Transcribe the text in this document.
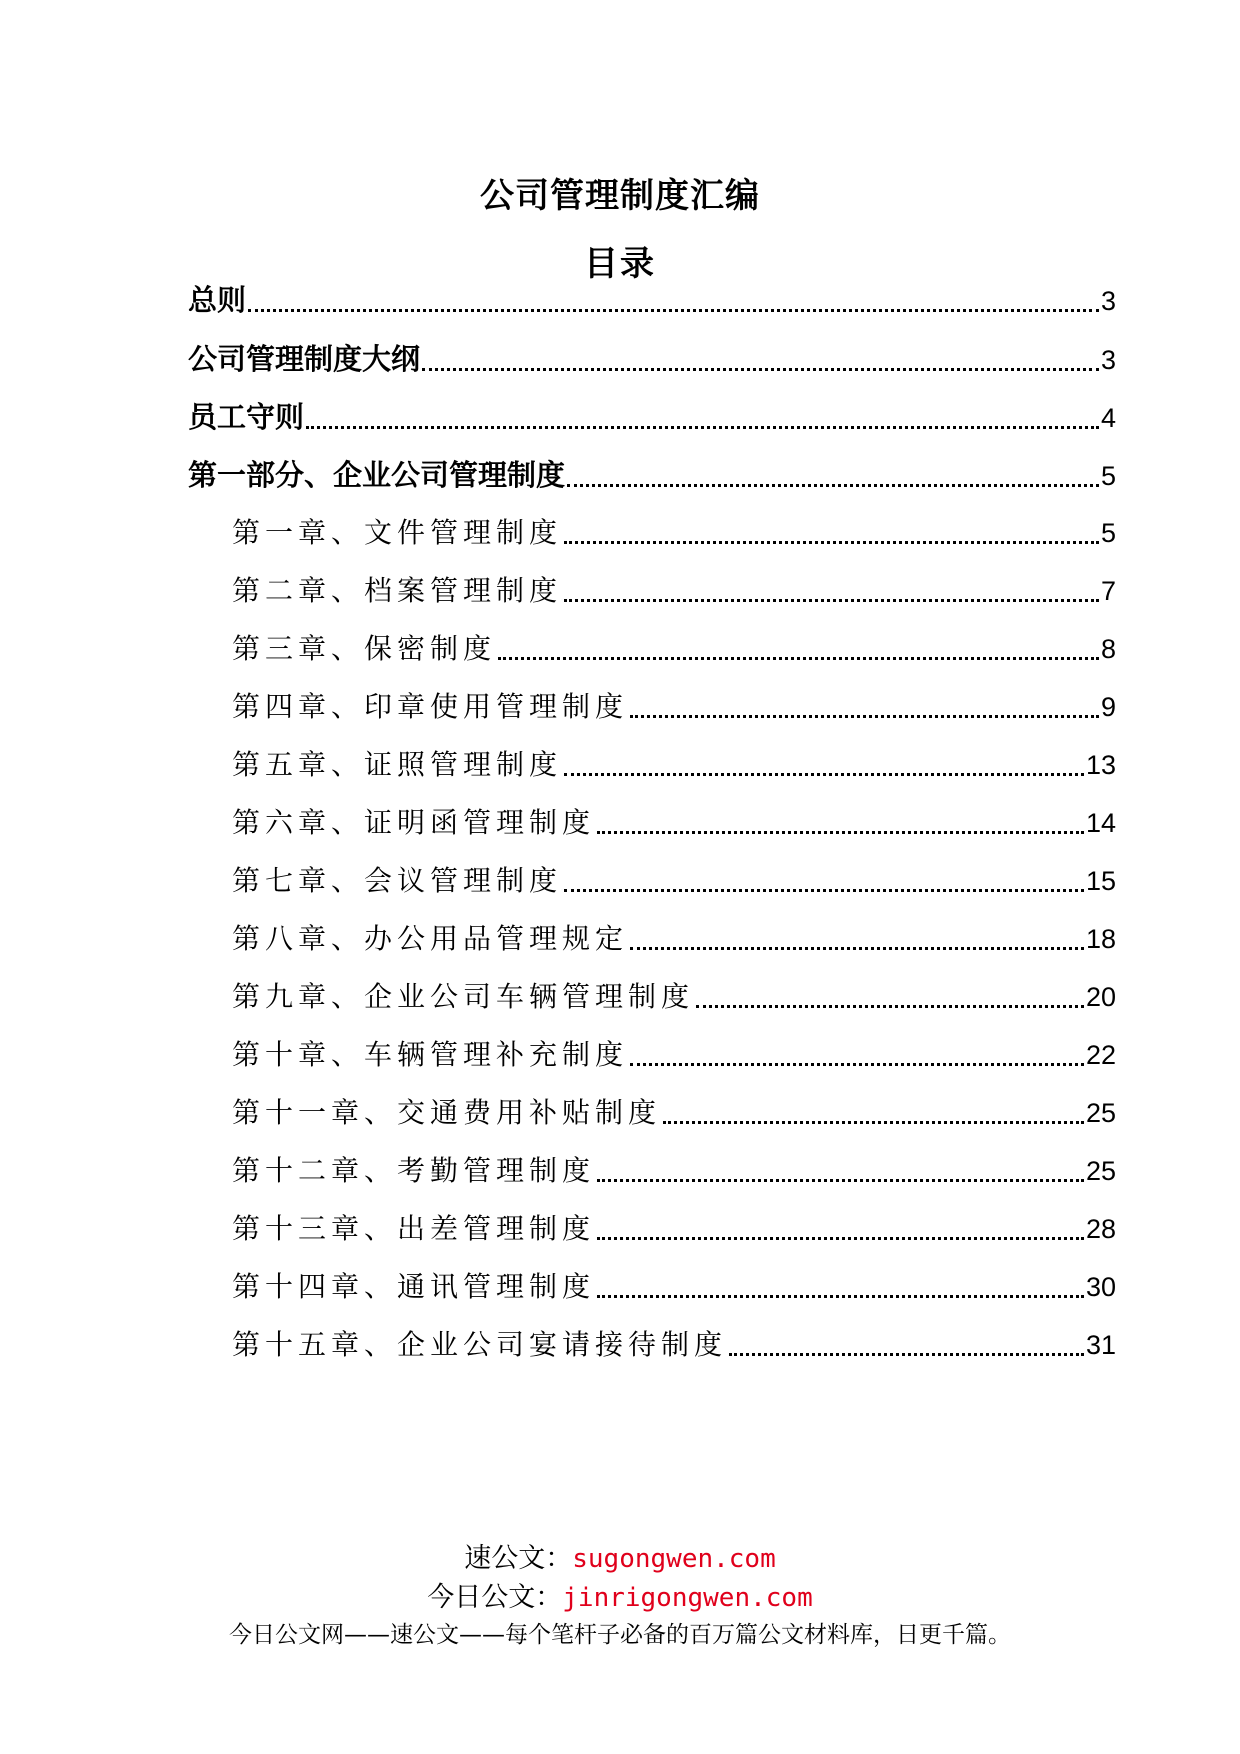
公司管理制度汇编
目录
总则	3
公司管理制度大纲	3
员工守则	4
第一部分、企业公司管理制度	5
第一章、文件管理制度	5
第二章、档案管理制度	7
第三章、保密制度	8
第四章、印章使用管理制度	9
第五章、证照管理制度	13
第六章、证明函管理制度	14
第七章、会议管理制度	15
第八章、办公用品管理规定	18
第九章、企业公司车辆管理制度	20
第十章、车辆管理补充制度	22
第十一章、交通费用补贴制度	25
第十二章、考勤管理制度	25
第十三章、出差管理制度	28
第十四章、通讯管理制度	30
第十五章、企业公司宴请接待制度	31
速公文：sugongwen.com
今日公文：jinrigongwen.com
今日公文网——速公文——每个笔杆子必备的百万篇公文材料库，日更千篇。
